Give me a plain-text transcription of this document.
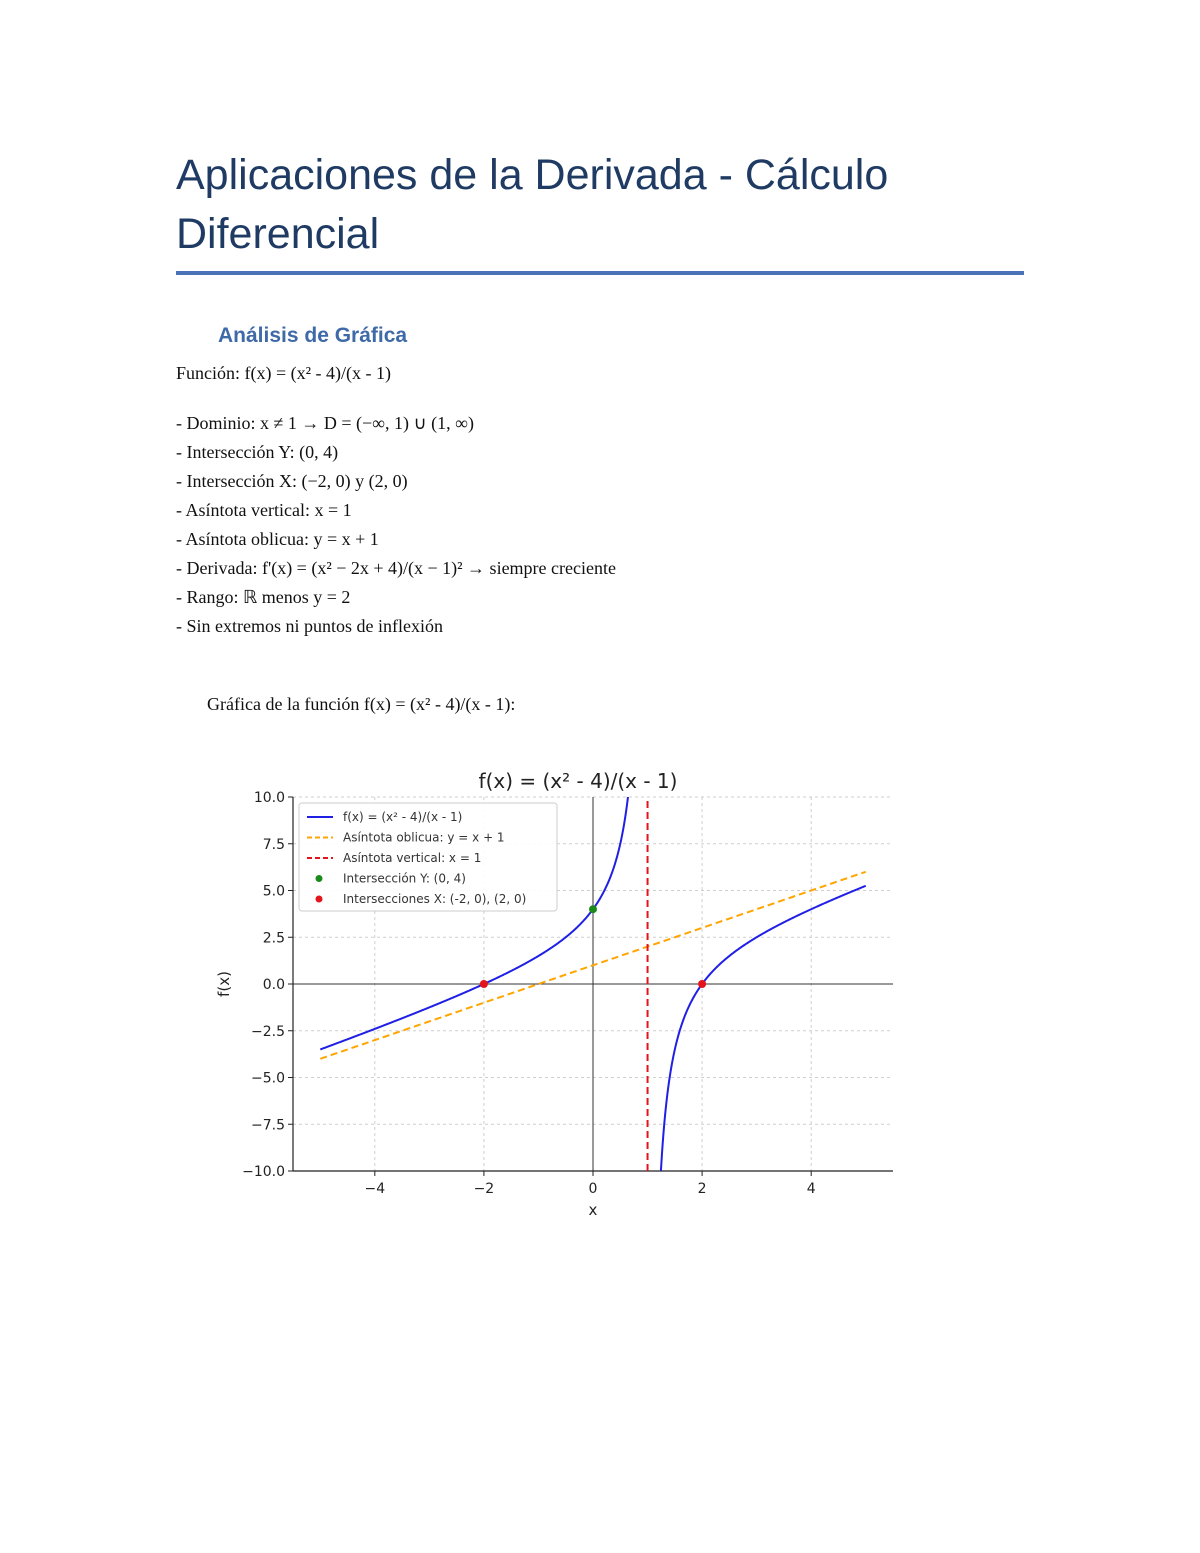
Aplicaciones de la Derivada - Cálculo Diferencial
Análisis de Gráfica

Función: f(x) = (x² - 4)/(x - 1)

- Dominio: x ≠ 1 → D = (−∞, 1) ∪ (1, ∞)

- Intersección Y: (0, 4)

- Intersección X: (−2, 0) y (2, 0)

- Asíntota vertical: x = 1

- Asíntota oblicua: y = x + 1

- Derivada: f'(x) = (x² − 2x + 4)/(x − 1)² → siempre creciente

- Rango: ℝ menos y = 2

- Sin extremos ni puntos de inflexión

Gráfica de la función f(x) = (x² - 4)/(x - 1):

−4	−2	0	2	4
−10.0
−7.5
−5.0
−2.5
0.0
2.5
5.0
7.5
10.0
x
f(x)
f(x) = (x² - 4)/(x - 1)
f(x) = (x² - 4)/(x - 1)
Asíntota oblicua: y = x + 1
Asíntota vertical: x = 1
Intersección Y: (0, 4)
Intersecciones X: (-2, 0), (2, 0)
